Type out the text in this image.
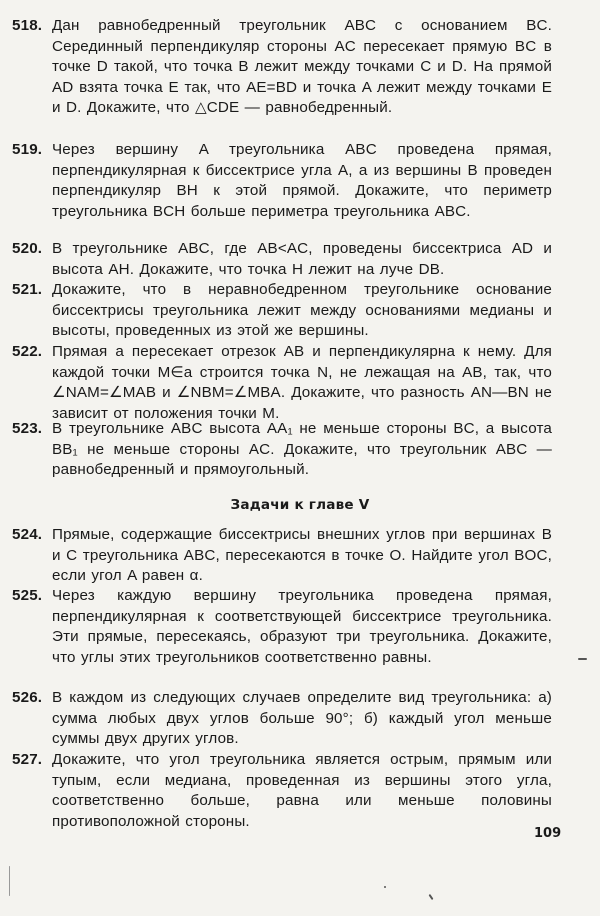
518. Дан равнобедренный треугольник ABC с основанием BC. Серединный перпендикуляр стороны AC пересекает прямую BC в точке D такой, что точка B лежит между точками C и D. На прямой AD взята точка E так, что AE=BD и точка A лежит между точками E и D. Докажите, что △CDE — равнобедренный.
519. Через вершину A треугольника ABC проведена прямая, перпендикулярная к биссектрисе угла A, а из вершины B проведен перпендикуляр BH к этой прямой. Докажите, что периметр треугольника BCH больше периметра треугольника ABC.
520. В треугольнике ABC, где AB<AC, проведены биссектриса AD и высота AH. Докажите, что точка H лежит на луче DB.
521. Докажите, что в неравнобедренном треугольнике основание биссектрисы треугольника лежит между основаниями медианы и высоты, проведенных из этой же вершины.
522. Прямая a пересекает отрезок AB и перпендикулярна к нему. Для каждой точки M∈a строится точка N, не лежащая на AB, так, что ∠NAM=∠MAB и ∠NBM=∠MBA. Докажите, что разность AN—BN не зависит от положения точки M.
523. В треугольнике ABC высота AA₁ не меньше стороны BC, а высота BB₁ не меньше стороны AC. Докажите, что треугольник ABC — равнобедренный и прямоугольный.
Задачи к главе V
524. Прямые, содержащие биссектрисы внешних углов при вершинах B и C треугольника ABC, пересекаются в точке O. Найдите угол BOC, если угол A равен α.
525. Через каждую вершину треугольника проведена прямая, перпендикулярная к соответствующей биссектрисе треугольника. Эти прямые, пересекаясь, образуют три треугольника. Докажите, что углы этих треугольников соответственно равны.
526. В каждом из следующих случаев определите вид треугольника: а) сумма любых двух углов больше 90°; б) каждый угол меньше суммы двух других углов.
527. Докажите, что угол треугольника является острым, прямым или тупым, если медиана, проведенная из вершины этого угла, соответственно больше, равна или меньше половины противоположной стороны.
109
